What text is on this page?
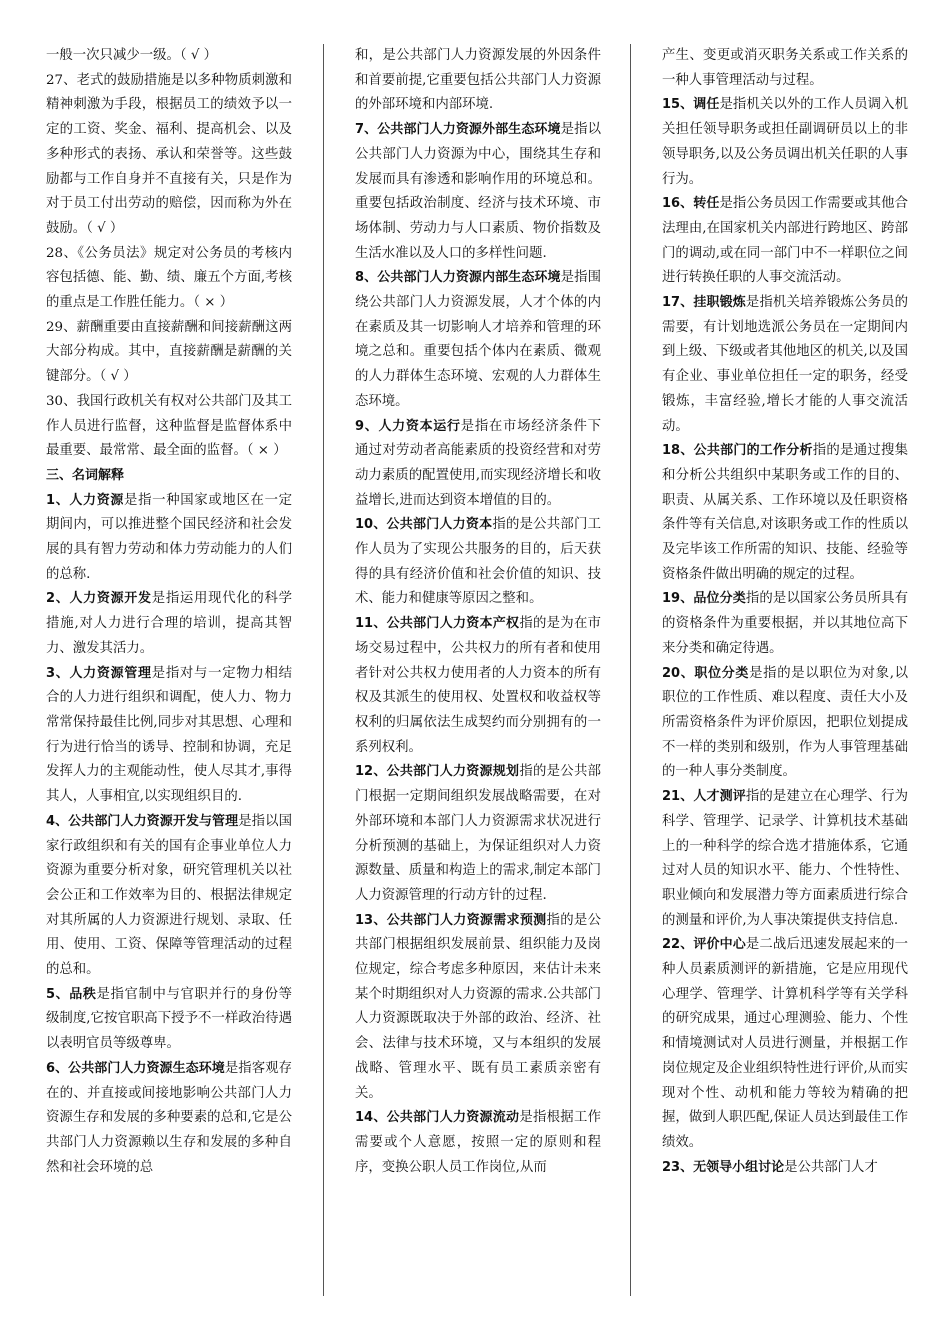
一般一次只减少一级。（ √ ）

27、老式的鼓励措施是以多种物质刺激和精神刺激为手段，根据员工的绩效予以一定的工资、奖金、福利、提高机会、以及多种形式的表扬、承认和荣誉等。这些鼓励都与工作自身并不直接有关，只是作为对于员工付出劳动的赔偿，因而称为外在鼓励。（ √ ）

28、《公务员法》规定对公务员的考核内容包括德、能、勤、绩、廉五个方面,考核的重点是工作胜任能力。（ × ）

29、薪酬重要由直接薪酬和间接薪酬这两大部分构成。其中，直接薪酬是薪酬的关键部分。（ √ ）

30、我国行政机关有权对公共部门及其工作人员进行监督，这种监督是监督体系中最重要、最常常、最全面的监督。（ × ）

三、名词解释

1、人力资源是指一种国家或地区在一定期间内，可以推进整个国民经济和社会发展的具有智力劳动和体力劳动能力的人们的总称.

2、人力资源开发是指运用现代化的科学措施,对人力进行合理的培训，提高其智力、激发其活力。

3、人力资源管理是指对与一定物力相结合的人力进行组织和调配，使人力、物力常常保持最佳比例,同步对其思想、心理和行为进行恰当的诱导、控制和协调，充足发挥人力的主观能动性，使人尽其才,事得其人，人事相宜,以实现组织目的.

4、公共部门人力资源开发与管理是指以国家行政组织和有关的国有企事业单位人力资源为重要分析对象，研究管理机关以社会公正和工作效率为目的、根据法律规定对其所属的人力资源进行规划、录取、任用、使用、工资、保障等管理活动的过程的总和。

5、品秩是指官制中与官职并行的身份等级制度,它按官职高下授予不一样政治待遇以表明官员等级尊卑。

6、公共部门人力资源生态环境是指客观存在的、并直接或间接地影响公共部门人力资源生存和发展的多种要素的总和,它是公共部门人力资源赖以生存和发展的多种自然和社会环境的总

和，是公共部门人力资源发展的外因条件和首要前提,它重要包括公共部门人力资源的外部环境和内部环境.

7、公共部门人力资源外部生态环境是指以公共部门人力资源为中心，围绕其生存和发展而具有渗透和影响作用的环境总和。重要包括政治制度、经济与技术环境、市场体制、劳动力与人口素质、物价指数及生活水准以及人口的多样性问题.

8、公共部门人力资源内部生态环境是指围绕公共部门人力资源发展，人才个体的内在素质及其一切影响人才培养和管理的环境之总和。重要包括个体内在素质、微观的人力群体生态环境、宏观的人力群体生态环境。

9、人力资本运行是指在市场经济条件下通过对劳动者高能素质的投资经营和对劳动力素质的配置使用,而实现经济增长和收益增长,进而达到资本增值的目的。

10、公共部门人力资本指的是公共部门工作人员为了实现公共服务的目的，后天获得的具有经济价值和社会价值的知识、技术、能力和健康等原因之整和。

11、公共部门人力资本产权指的是为在市场交易过程中，公共权力的所有者和使用者针对公共权力使用者的人力资本的所有权及其派生的使用权、处置权和收益权等权利的归属依法生成契约而分别拥有的一系列权利。

12、公共部门人力资源规划指的是公共部门根据一定期间组织发展战略需要，在对外部环境和本部门人力资源需求状况进行分析预测的基础上，为保证组织对人力资源数量、质量和构造上的需求,制定本部门人力资源管理的行动方针的过程.

13、公共部门人力资源需求预测指的是公共部门根据组织发展前景、组织能力及岗位规定，综合考虑多种原因，来估计未来某个时期组织对人力资源的需求.公共部门人力资源既取决于外部的政治、经济、社会、法律与技术环境，又与本组织的发展战略、管理水平、既有员工素质亲密有关。

14、公共部门人力资源流动是指根据工作需要或个人意愿，按照一定的原则和程序，变换公职人员工作岗位,从而

产生、变更或消灭职务关系或工作关系的一种人事管理活动与过程。

15、调任是指机关以外的工作人员调入机关担任领导职务或担任副调研员以上的非领导职务,以及公务员调出机关任职的人事行为。

16、转任是指公务员因工作需要或其他合法理由,在国家机关内部进行跨地区、跨部门的调动,或在同一部门中不一样职位之间进行转换任职的人事交流活动。

17、挂职锻炼是指机关培养锻炼公务员的需要，有计划地选派公务员在一定期间内到上级、下级或者其他地区的机关,以及国有企业、事业单位担任一定的职务，经受锻炼，丰富经验,增长才能的人事交流活动。

18、公共部门的工作分析指的是通过搜集和分析公共组织中某职务或工作的目的、职责、从属关系、工作环境以及任职资格条件等有关信息,对该职务或工作的性质以及完毕该工作所需的知识、技能、经验等资格条件做出明确的规定的过程。

19、品位分类指的是以国家公务员所具有的资格条件为重要根据，并以其地位高下来分类和确定待遇。

20、职位分类是指的是以职位为对象,以职位的工作性质、难以程度、责任大小及所需资格条件为评价原因，把职位划提成不一样的类别和级别，作为人事管理基础的一种人事分类制度。

21、人才测评指的是建立在心理学、行为科学、管理学、记录学、计算机技术基础上的一种科学的综合选才措施体系，它通过对人员的知识水平、能力、个性特性、职业倾向和发展潜力等方面素质进行综合的测量和评价,为人事决策提供支持信息.

22、评价中心是二战后迅速发展起来的一种人员素质测评的新措施，它是应用现代心理学、管理学、计算机科学等有关学科的研究成果，通过心理测验、能力、个性和情境测试对人员进行测量，并根据工作岗位规定及企业组织特性进行评价,从而实现对个性、动机和能力等较为精确的把握，做到人职匹配,保证人员达到最佳工作绩效。

23、无领导小组讨论是公共部门人才
